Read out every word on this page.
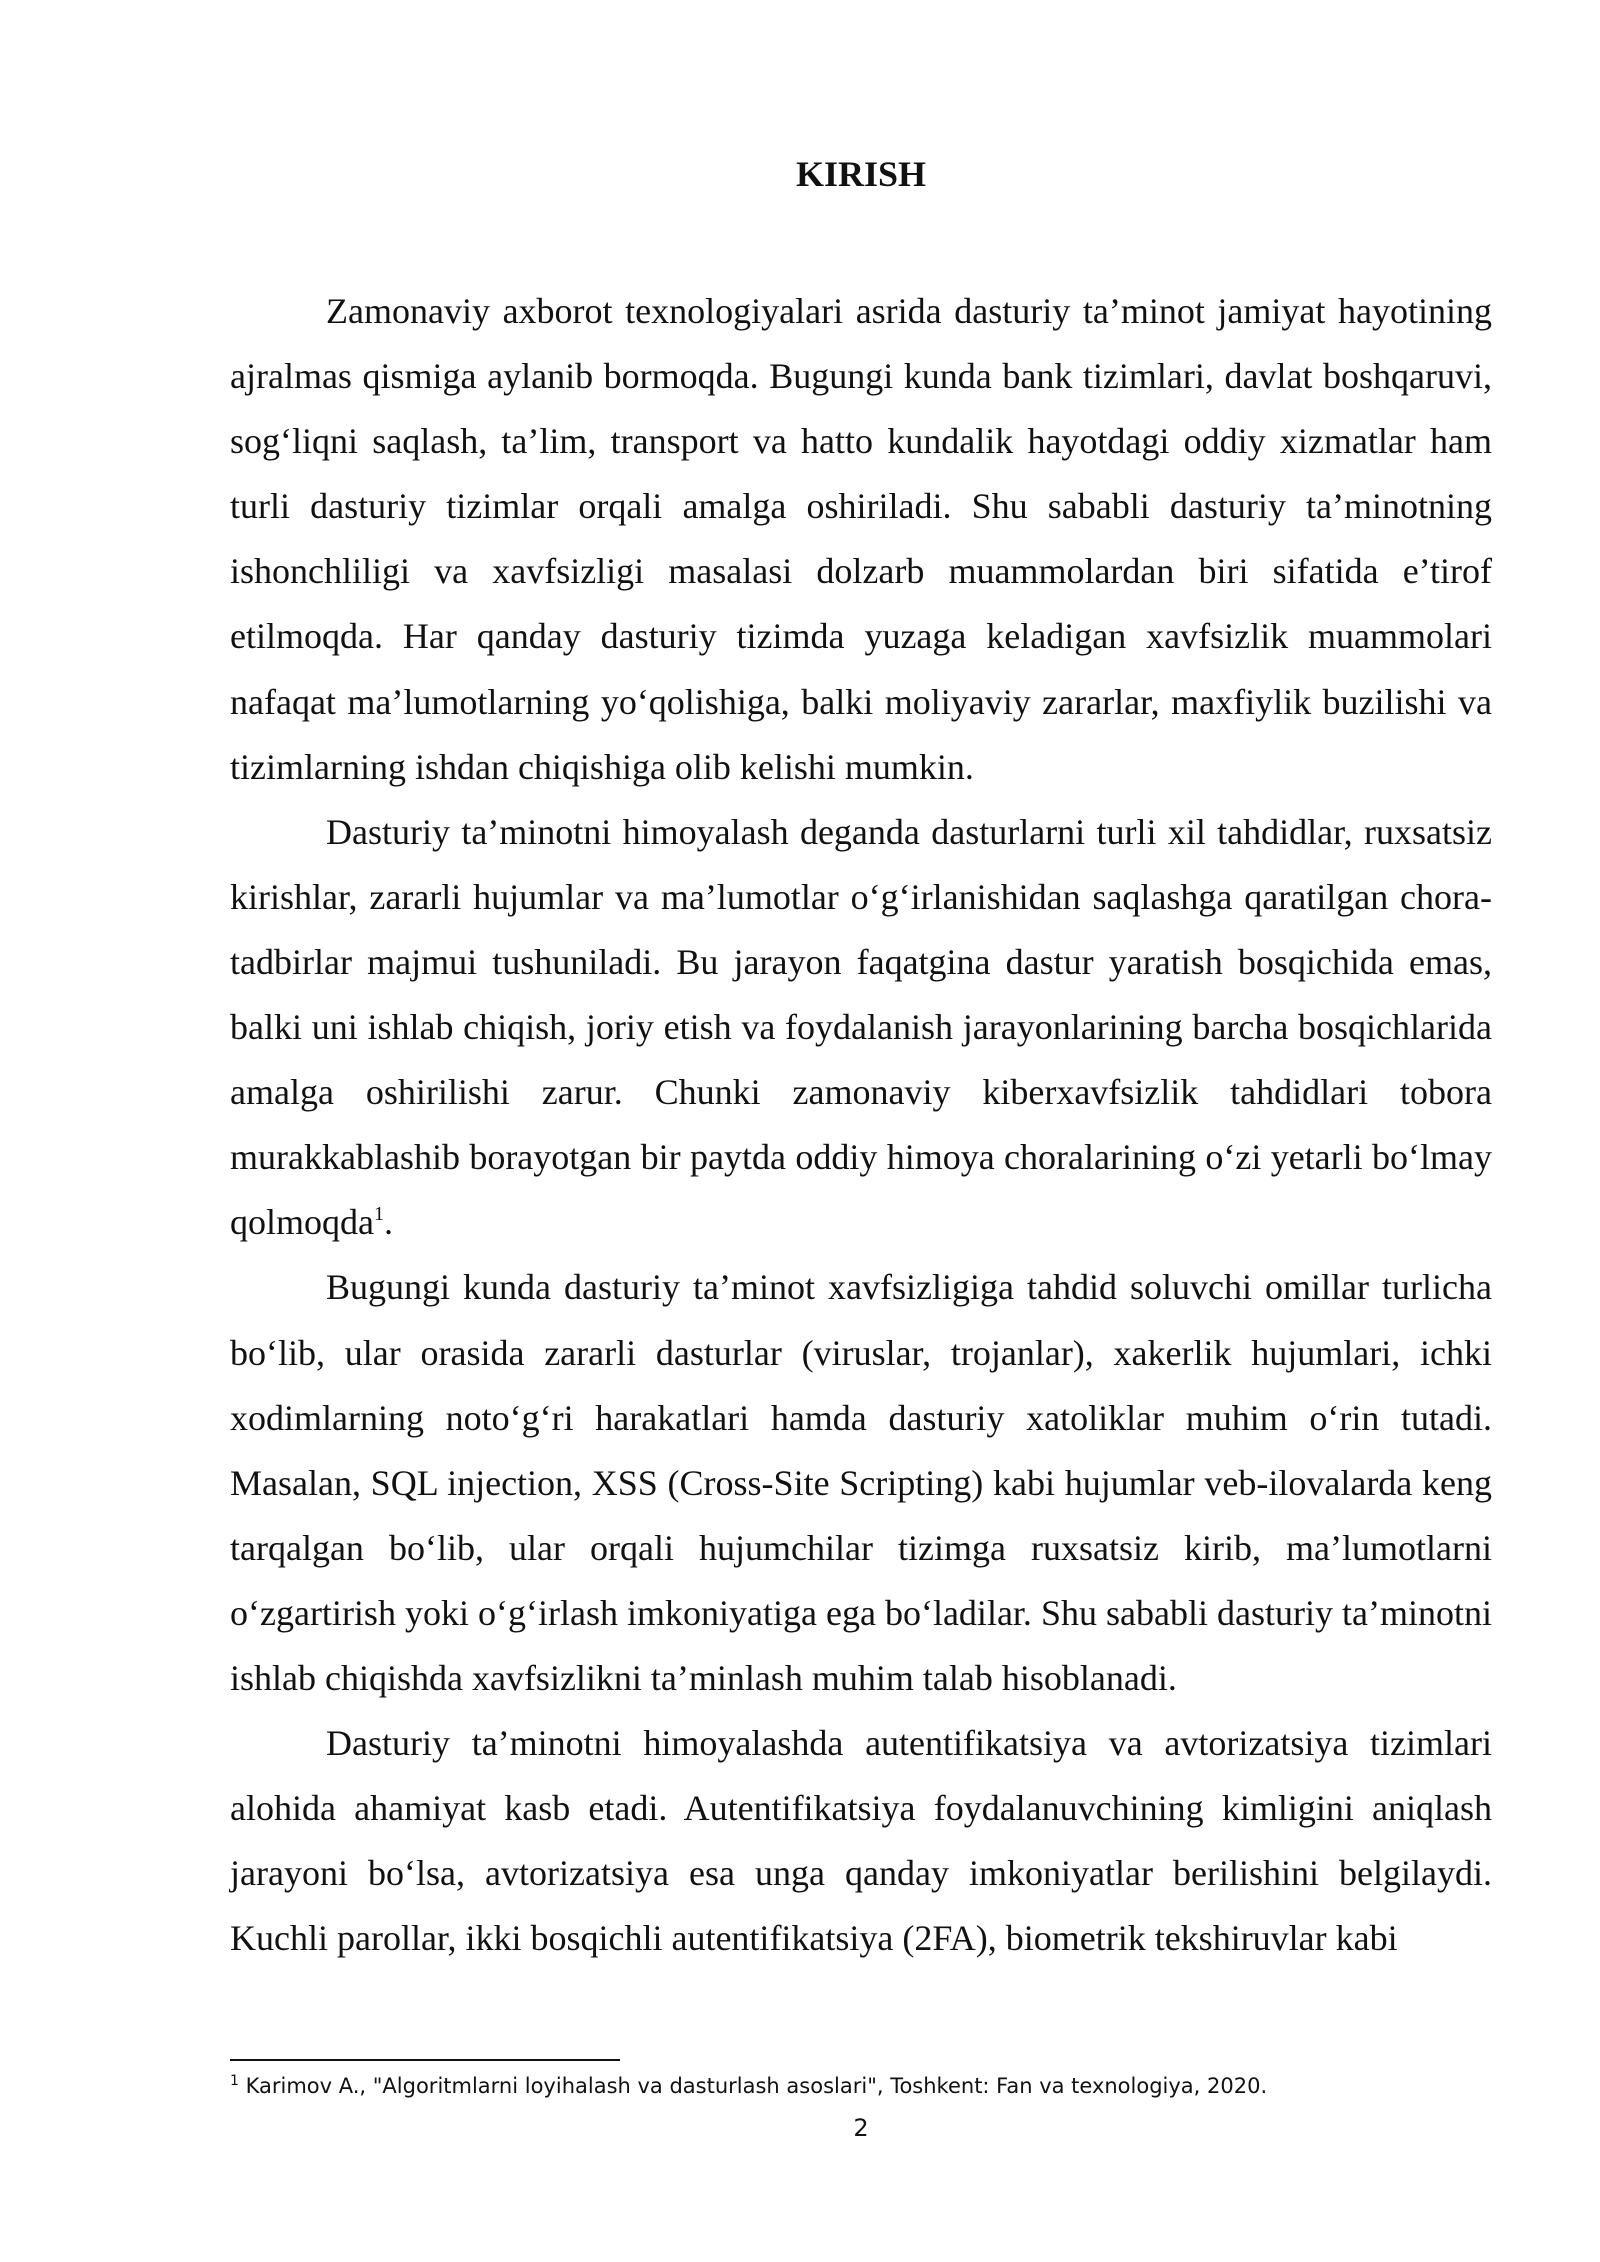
KIRISH

Zamonaviy axborot texnologiyalari asrida dasturiy ta’minot jamiyat hayotining ajralmas qismiga aylanib bormoqda. Bugungi kunda bank tizimlari, davlat boshqaruvi, sog‘liqni saqlash, ta’lim, transport va hatto kundalik hayotdagi oddiy xizmatlar ham turli dasturiy tizimlar orqali amalga oshiriladi. Shu sababli dasturiy ta’minotning ishonchliligi va xavfsizligi masalasi dolzarb muammolardan biri sifatida e’tirof etilmoqda. Har qanday dasturiy tizimda yuzaga keladigan xavfsizlik muammolari nafaqat ma’lumotlarning yo‘qolishiga, balki moliyaviy zararlar, maxfiylik buzilishi va tizimlarning ishdan chiqishiga olib kelishi mumkin.

Dasturiy ta’minotni himoyalash deganda dasturlarni turli xil tahdidlar, ruxsatsiz kirishlar, zararli hujumlar va ma’lumotlar o‘g‘irlanishidan saqlashga qaratilgan chora-tadbirlar majmui tushuniladi. Bu jarayon faqatgina dastur yaratish bosqichida emas, balki uni ishlab chiqish, joriy etish va foydalanish jarayonlarining barcha bosqichlarida amalga oshirilishi zarur. Chunki zamonaviy kiberxavfsizlik tahdidlari tobora murakkablashib borayotgan bir paytda oddiy himoya choralarining o‘zi yetarli bo‘lmay qolmoqda$^1$.

Bugungi kunda dasturiy ta’minot xavfsizligiga tahdid soluvchi omillar turlicha bo‘lib, ular orasida zararli dasturlar (viruslar, trojanlar), xakerlik hujumlari, ichki xodimlarning noto‘g‘ri harakatlari hamda dasturiy xatoliklar muhim o‘rin tutadi. Masalan, SQL injection, XSS (Cross-Site Scripting) kabi hujumlar veb-ilovalarda keng tarqalgan bo‘lib, ular orqali hujumchilar tizimga ruxsatsiz kirib, ma’lumotlarni o‘zgartirish yoki o‘g‘irlash imkoniyatiga ega bo‘ladilar. Shu sababli dasturiy ta’minotni ishlab chiqishda xavfsizlikni ta’minlash muhim talab hisoblanadi.

Dasturiy ta’minotni himoyalashda autentifikatsiya va avtorizatsiya tizimlari alohida ahamiyat kasb etadi. Autentifikatsiya foydalanuvchining kimligini aniqlash jarayoni bo‘lsa, avtorizatsiya esa unga qanday imkoniyatlar berilishini belgilaydi. Kuchli parollar, ikki bosqichli autentifikatsiya (2FA), biometrik tekshiruvlar kabi

$^1$ Karimov A., "Algoritmlarni loyihalash va dasturlash asoslari", Toshkent: Fan va texnologiya, 2020.
2
